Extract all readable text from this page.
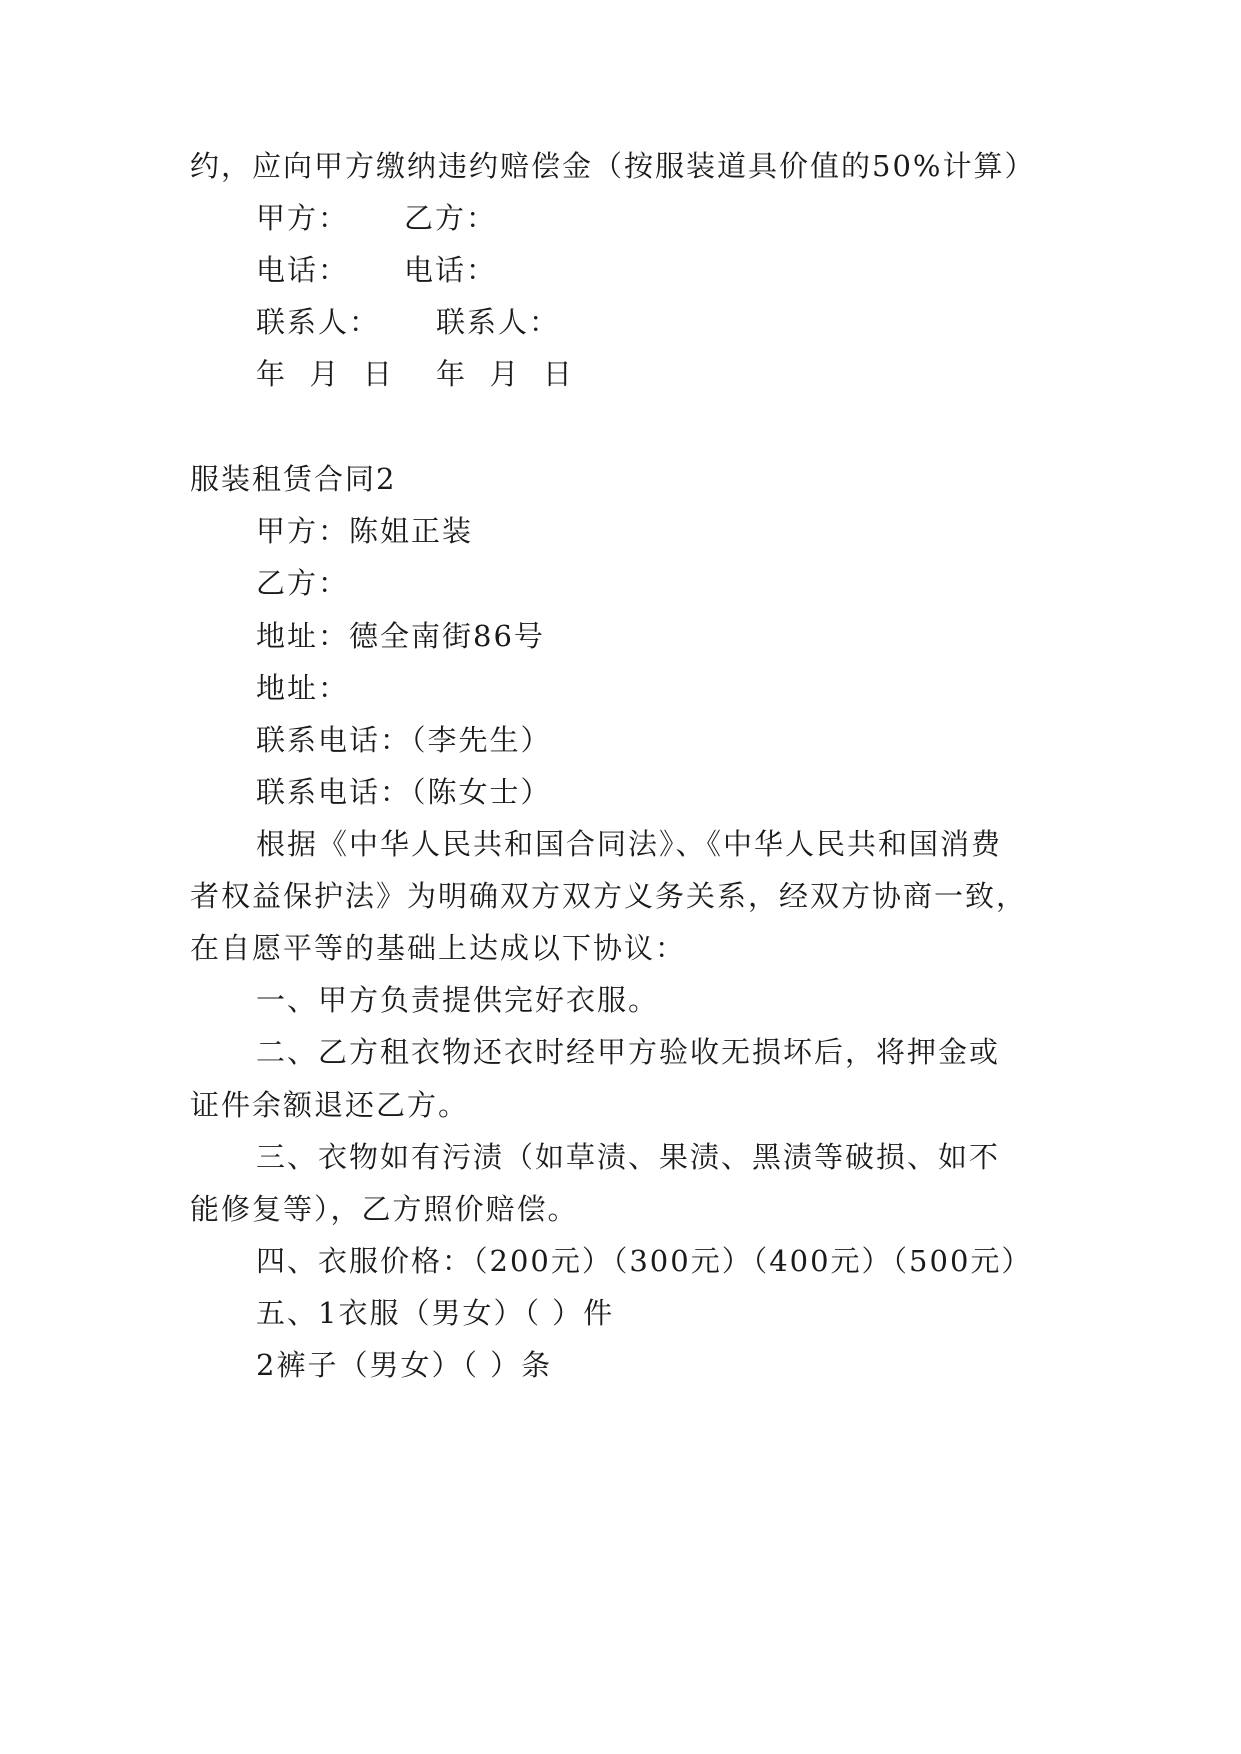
约，应向甲方缴纳违约赔偿金（按服装道具价值的50%计算）
甲方： 乙方：
电话： 电话：
联系人： 联系人：
年  月  日 年  月  日
服装租赁合同2
甲方：陈姐正装
乙方：
地址：德全南街86号
地址：
联系电话：（李先生）
联系电话：（陈女士）
根据《中华人民共和国合同法》、《中华人民共和国消费
者权益保护法》为明确双方双方义务关系，经双方协商一致，
在自愿平等的基础上达成以下协议：
一、甲方负责提供完好衣服。
二、乙方租衣物还衣时经甲方验收无损坏后，将押金或
证件余额退还乙方。
三、衣物如有污渍（如草渍、果渍、黑渍等破损、如不
能修复等），乙方照价赔偿。
四、衣服价格：（200元）（300元）（400元）（500元）
五、1衣服（男女）（ ）件
2裤子（男女）（ ）条
